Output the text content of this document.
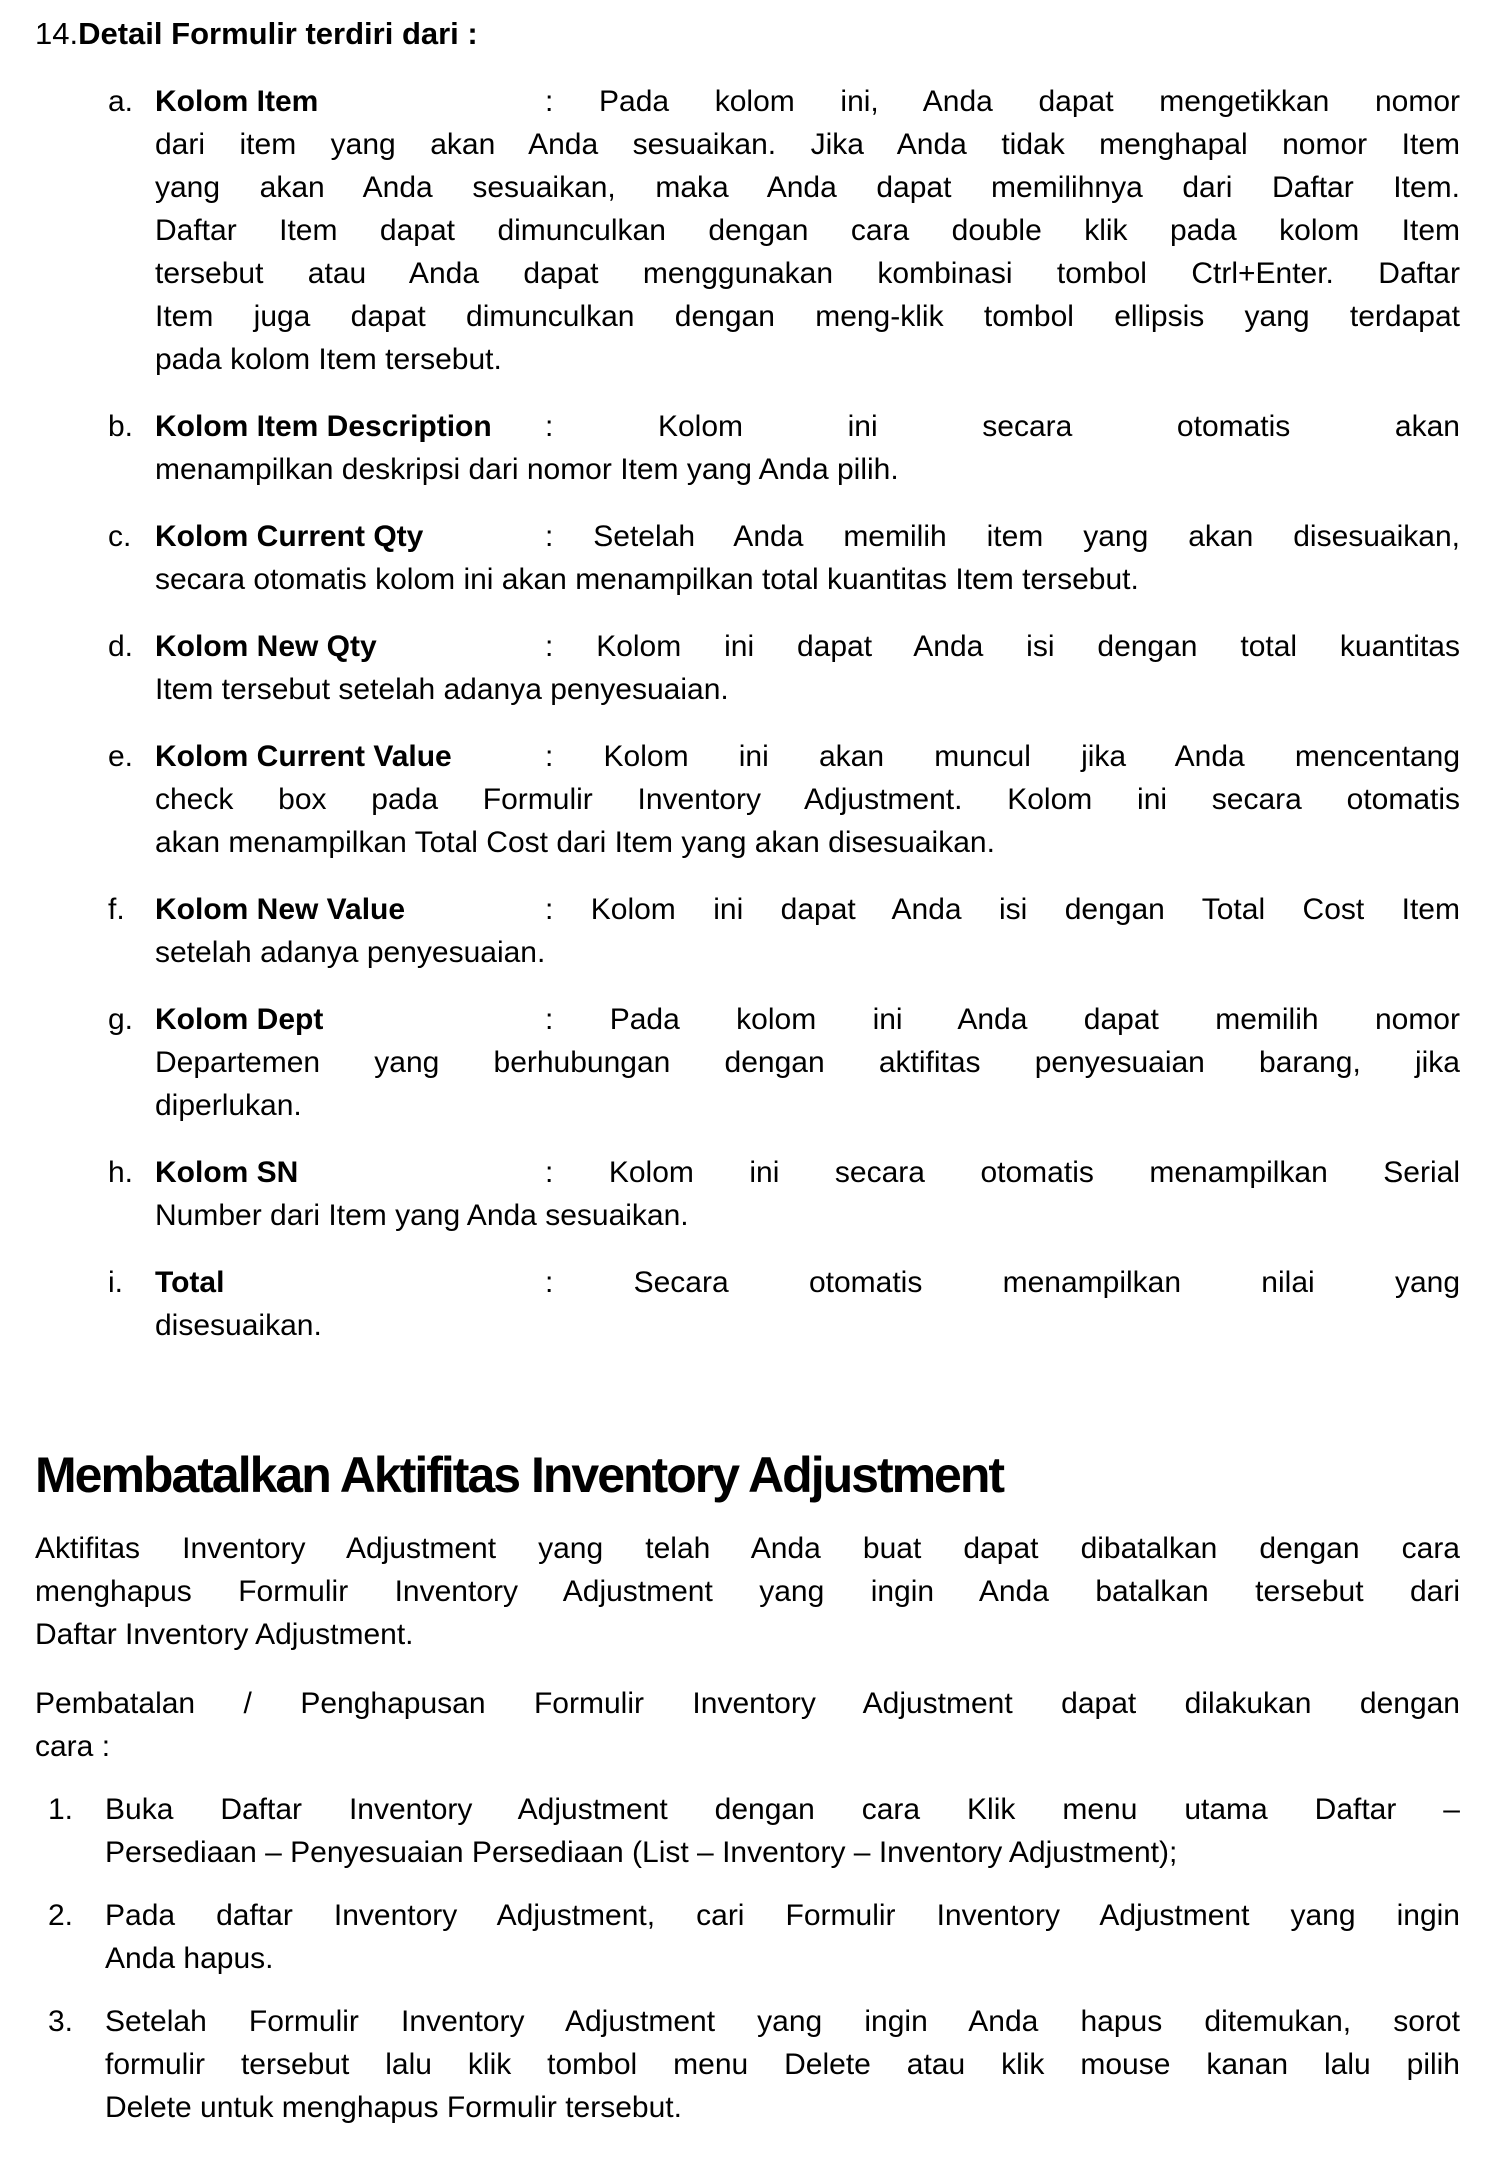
14. Detail Formulir terdiri dari :
a. Kolom Item	: Pada kolom ini, Anda dapat mengetikkan nomor
dari item yang akan Anda sesuaikan. Jika Anda tidak menghapal nomor Item
yang akan Anda sesuaikan, maka Anda dapat memilihnya dari Daftar Item.
Daftar Item dapat dimunculkan dengan cara double klik pada kolom Item
tersebut atau Anda dapat menggunakan kombinasi tombol Ctrl+Enter. Daftar
Item juga dapat dimunculkan dengan meng-klik tombol ellipsis yang terdapat
pada kolom Item tersebut.
b. Kolom Item Description : Kolom ini secara otomatis akan
menampilkan deskripsi dari nomor Item yang Anda pilih.
c. Kolom Current Qty	: Setelah Anda memilih item yang akan disesuaikan,
secara otomatis kolom ini akan menampilkan total kuantitas Item tersebut.
d. Kolom New Qty	: Kolom ini dapat Anda isi dengan total kuantitas
Item tersebut setelah adanya penyesuaian.
e. Kolom Current Value	: Kolom ini akan muncul jika Anda mencentang
check box pada Formulir Inventory Adjustment. Kolom ini secara otomatis
akan menampilkan Total Cost dari Item yang akan disesuaikan.
f.	Kolom New Value	: Kolom ini dapat Anda isi dengan Total Cost Item
setelah adanya penyesuaian.
g. Kolom Dept	: Pada kolom ini Anda dapat memilih nomor
Departemen yang berhubungan dengan aktifitas penyesuaian barang, jika
diperlukan.
h. Kolom SN	: Kolom ini secara otomatis menampilkan Serial
Number dari Item yang Anda sesuaikan.
i.	Total	: Secara otomatis menampilkan nilai yang
disesuaikan.
Membatalkan Aktifitas Inventory Adjustment
Aktifitas Inventory Adjustment yang telah Anda buat dapat dibatalkan dengan cara
menghapus Formulir Inventory Adjustment yang ingin Anda batalkan tersebut dari
Daftar Inventory Adjustment.
Pembatalan / Penghapusan Formulir Inventory Adjustment dapat dilakukan dengan
cara :
1.	Buka Daftar Inventory Adjustment dengan cara Klik menu utama Daftar –
Persediaan – Penyesuaian Persediaan (List – Inventory – Inventory Adjustment);
2.	Pada daftar Inventory Adjustment, cari Formulir Inventory Adjustment yang ingin
Anda hapus.
3.	Setelah Formulir Inventory Adjustment yang ingin Anda hapus ditemukan, sorot
formulir tersebut lalu klik tombol menu Delete atau klik mouse kanan lalu pilih
Delete untuk menghapus Formulir tersebut.
